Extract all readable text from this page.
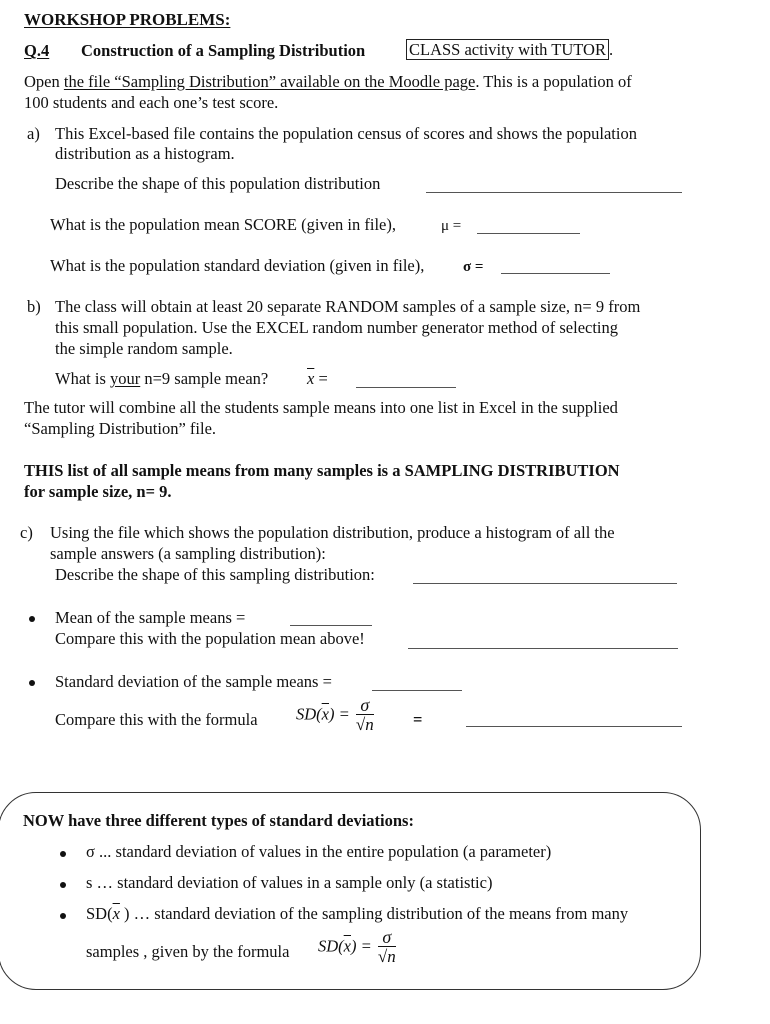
WORKSHOP PROBLEMS:
Q.4 Construction of a Sampling Distribution	CLASS activity with TUTOR .
Open the file “Sampling Distribution” available on the Moodle page. This is a population of
100 students and each one’s test score.
a) This Excel-based file contains the population census of scores and shows the population
distribution as a histogram.
Describe the shape of this population distribution
What is the population mean SCORE (given in file),	μ =
What is the population standard deviation (given in file),	σ =
b) The class will obtain at least 20 separate RANDOM samples of a sample size, n= 9 from
this small population. Use the EXCEL random number generator method of selecting
the simple random sample.
What is your n=9 sample mean? $\overline{x}$ =
The tutor will combine all the students sample means into one list in Excel in the supplied
“Sampling Distribution” file.
THIS list of all sample means from many samples is a SAMPLING DISTRIBUTION
for sample size, n= 9.
c) Using the file which shows the population distribution, produce a histogram of all the
sample answers (a sampling distribution):
Describe the shape of this sampling distribution:
Mean of the sample means =
Compare this with the population mean above!
Standard deviation of the sample means =
Compare this with the formula $SD(\overline{x}) = \frac{\sigma}{√n}$ =
NOW have three different types of standard deviations:
σ ... standard deviation of values in the entire population (a parameter)
s … standard deviation of values in a sample only (a statistic)
$SD(\overline{x}$ ) … standard deviation of the sampling distribution of the means from many
samples , given by the formula $SD(\overline{x}) = \frac{\sigma}{√n}$
